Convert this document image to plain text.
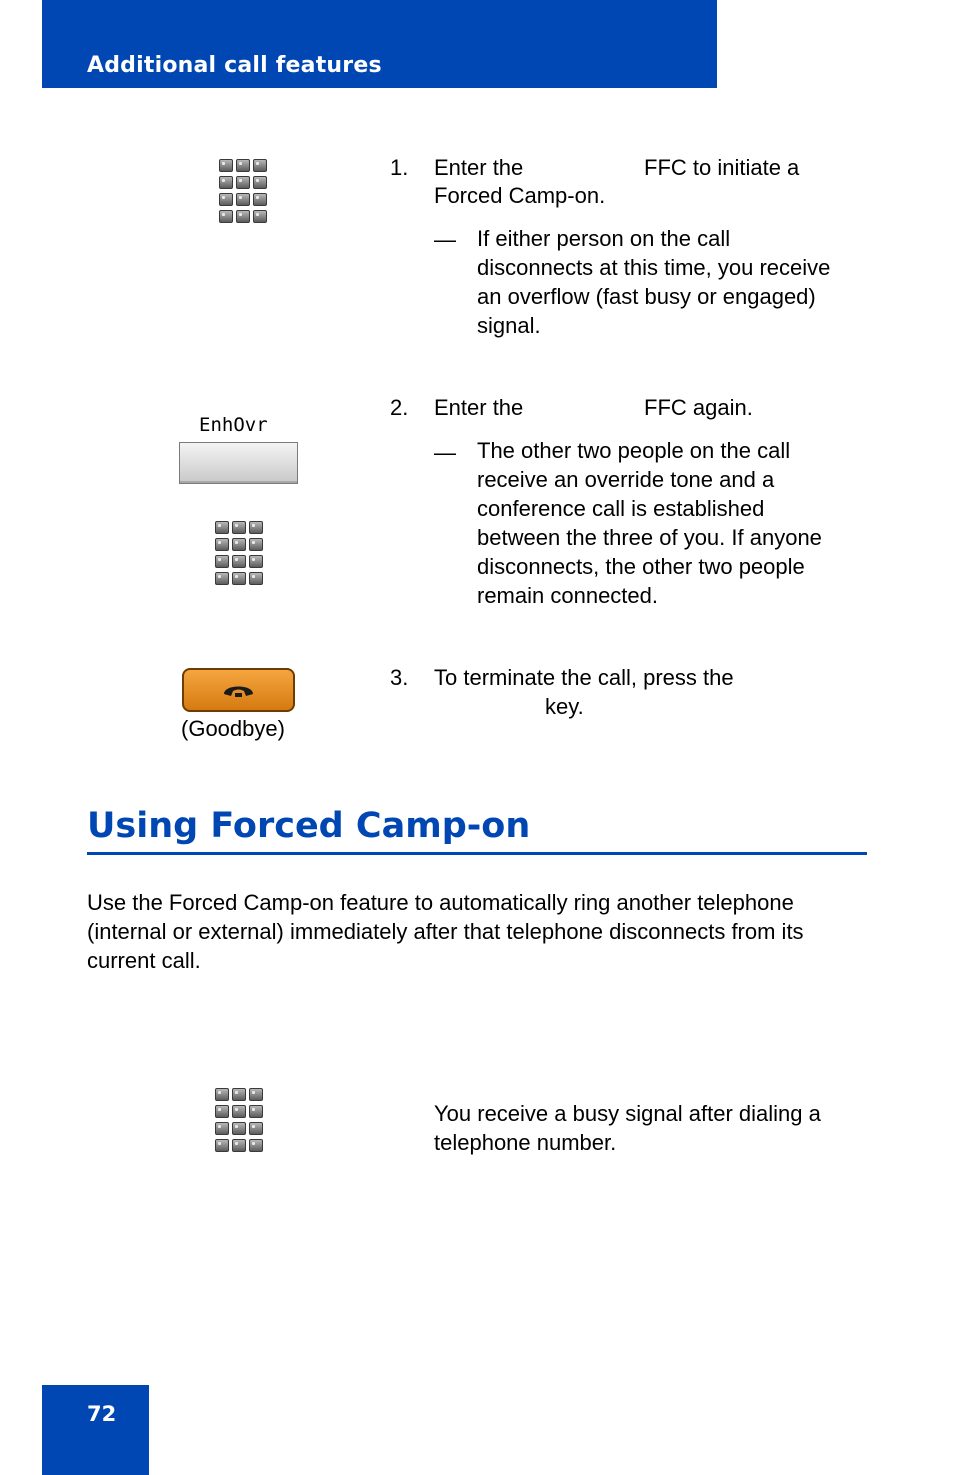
Additional call features
1. Enter the	FFC to initiate a
Forced Camp-on.
— If either person on the call
disconnects at this time, you receive
an overflow (fast busy or engaged)
signal.
EnhOvr
2. Enter the	FFC again.
— The other two people on the call
receive an override tone and a
conference call is established
between the three of you. If anyone
disconnects, the other two people
remain connected.
(Goodbye)
3. To terminate the call, press the
key.
Using Forced Camp-on
Use the Forced Camp-on feature to automatically ring another telephone
(internal or external) immediately after that telephone disconnects from its
current call.
You receive a busy signal after dialing a
telephone number.
72
